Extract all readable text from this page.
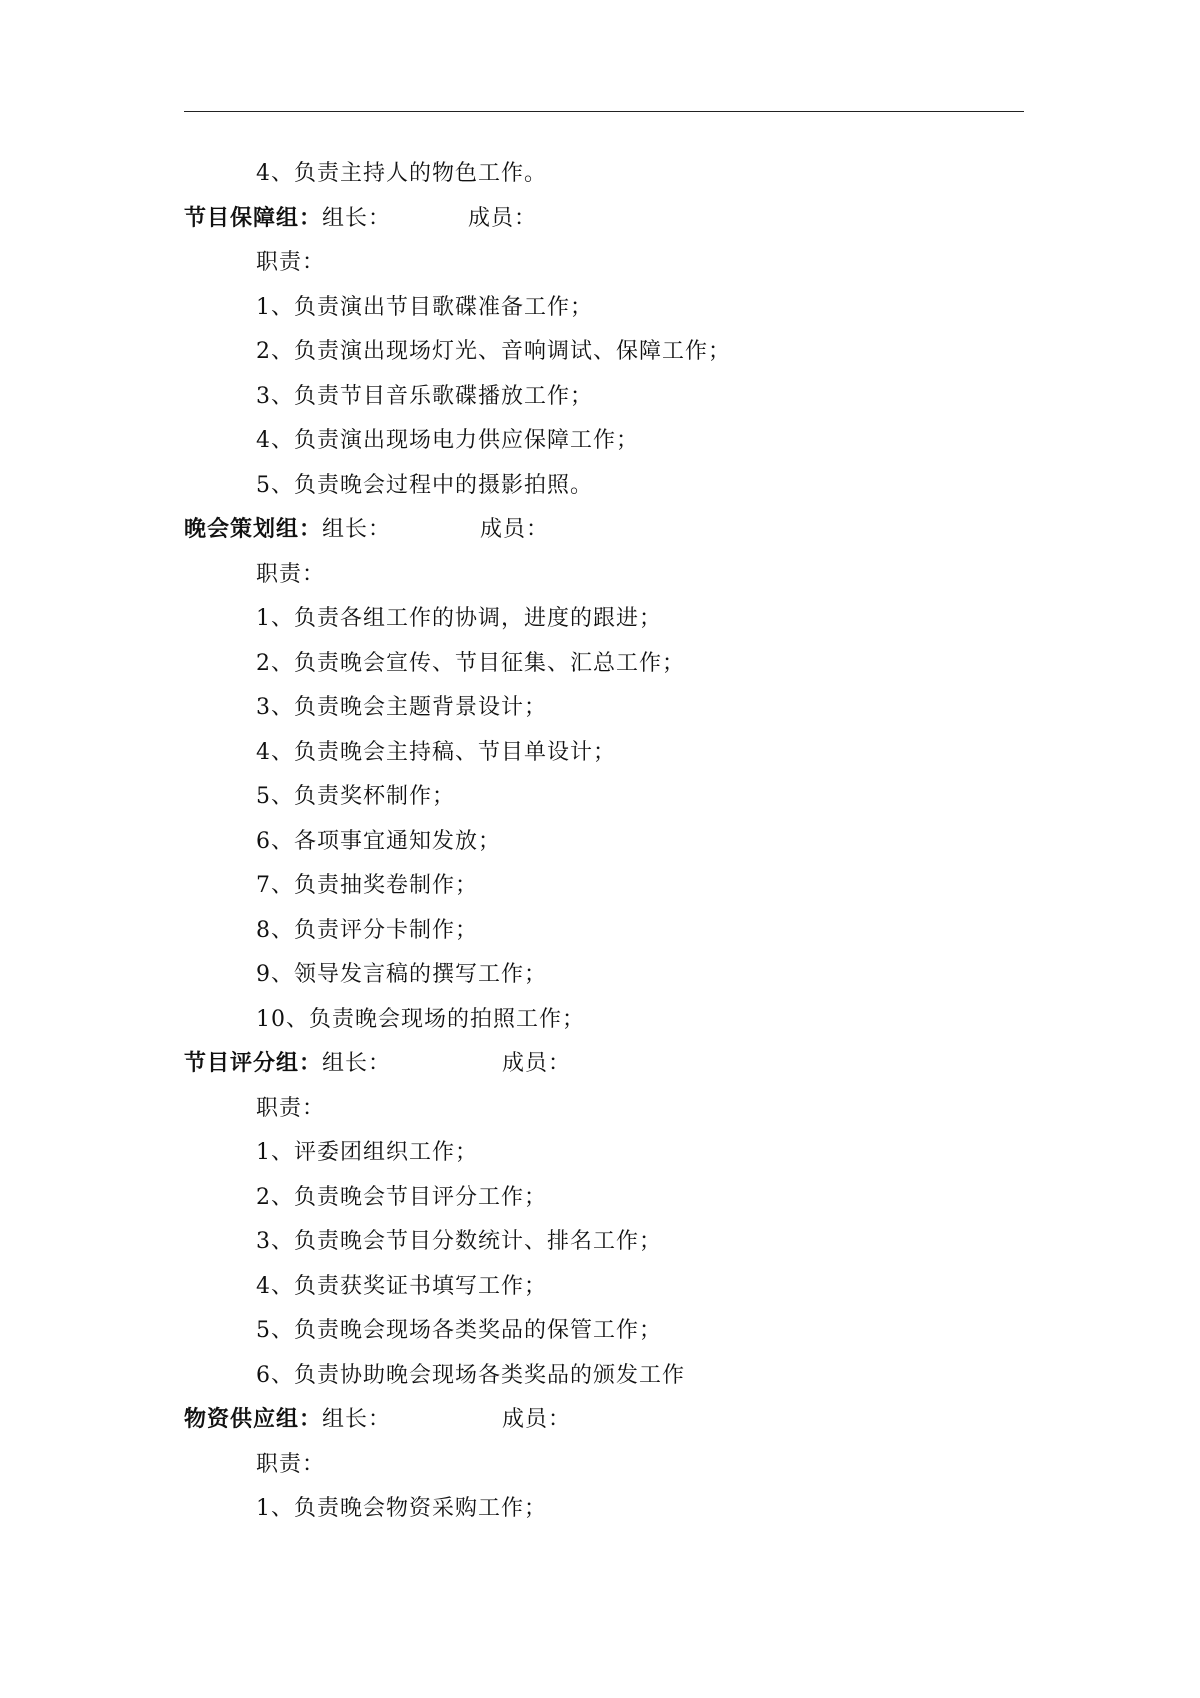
4、负责主持人的物色工作。
节目保障组： 组长：	成员：
职责：
1、负责演出节目歌碟准备工作；
2、负责演出现场灯光、音响调试、保障工作；
3、负责节目音乐歌碟播放工作；
4、负责演出现场电力供应保障工作；
5、负责晚会过程中的摄影拍照。
晚会策划组： 组长：	成员：
职责：
1、负责各组工作的协调，进度的跟进；
2、负责晚会宣传、节目征集、汇总工作；
3、负责晚会主题背景设计；
4、负责晚会主持稿、节目单设计；
5、负责奖杯制作；
6、各项事宜通知发放；
7、负责抽奖卷制作；
8、负责评分卡制作；
9、领导发言稿的撰写工作；
10、负责晚会现场的拍照工作；
节目评分组： 组长：	成员：
职责：
1、评委团组织工作；
2、负责晚会节目评分工作；
3、负责晚会节目分数统计、排名工作；
4、负责获奖证书填写工作；
5、负责晚会现场各类奖品的保管工作；
6、负责协助晚会现场各类奖品的颁发工作
物资供应组： 组长：	成员：
职责：
1、负责晚会物资采购工作；
